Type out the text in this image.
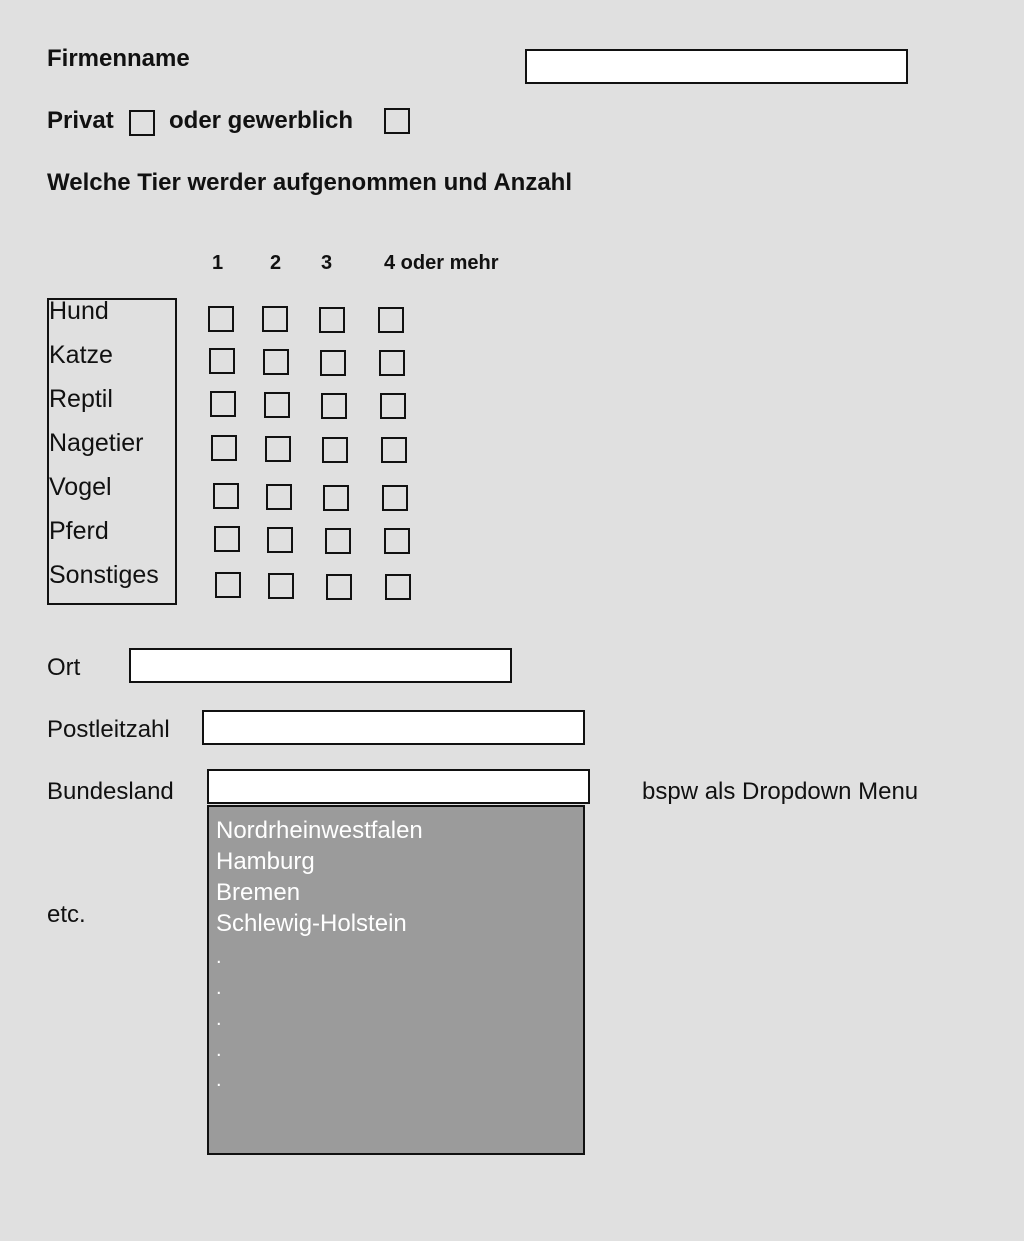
Firmenname
Privat oder gewerblich
Welche Tier werder aufgenommen und Anzahl
1 2 3	4 oder mehr
Hund
Katze
Reptil
Nagetier
Vogel
Pferd
Sonstiges
Ort
Postleitzahl
Bundesland	bspw als Dropdown Menu
etc.
Nordrheinwestfalen
Hamburg
Bremen
Schlewig-Holstein
.
.
.
.
.
